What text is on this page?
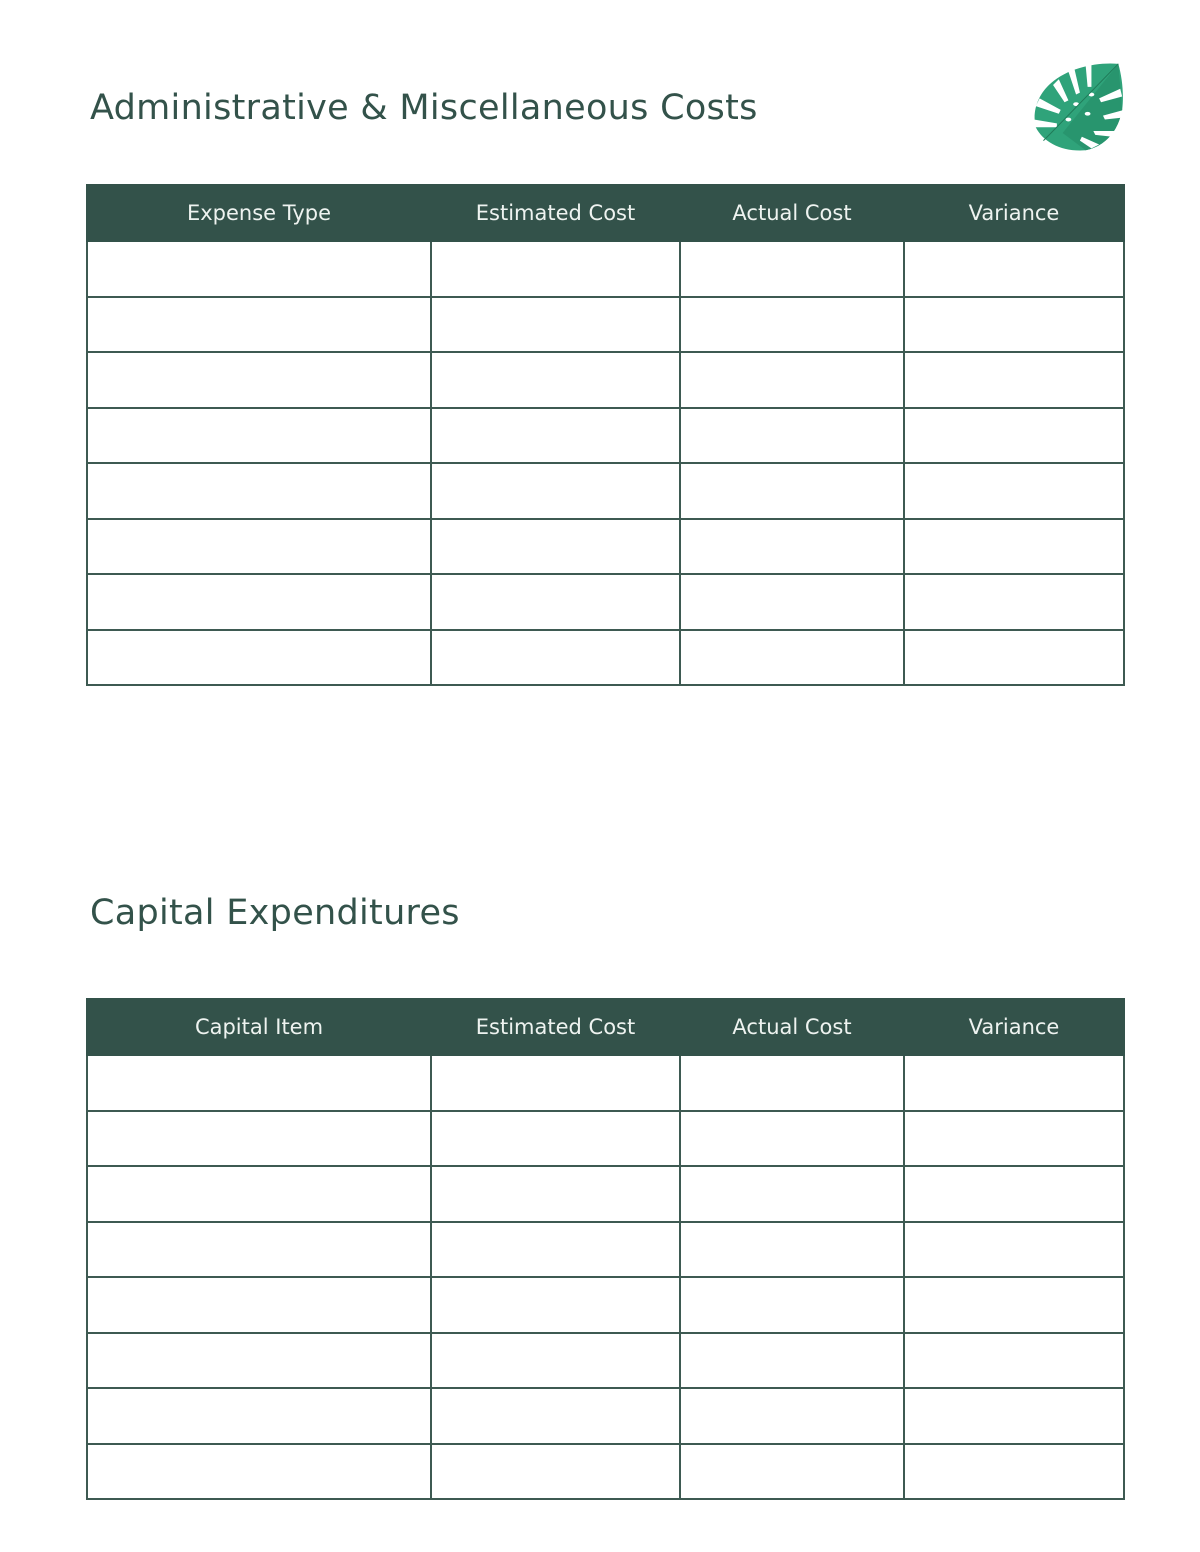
Administrative & Miscellaneous Costs
Expense Type	Estimated Cost	Actual Cost	Variance

Capital Expenditures
Capital Item	Estimated Cost	Actual Cost	Variance
